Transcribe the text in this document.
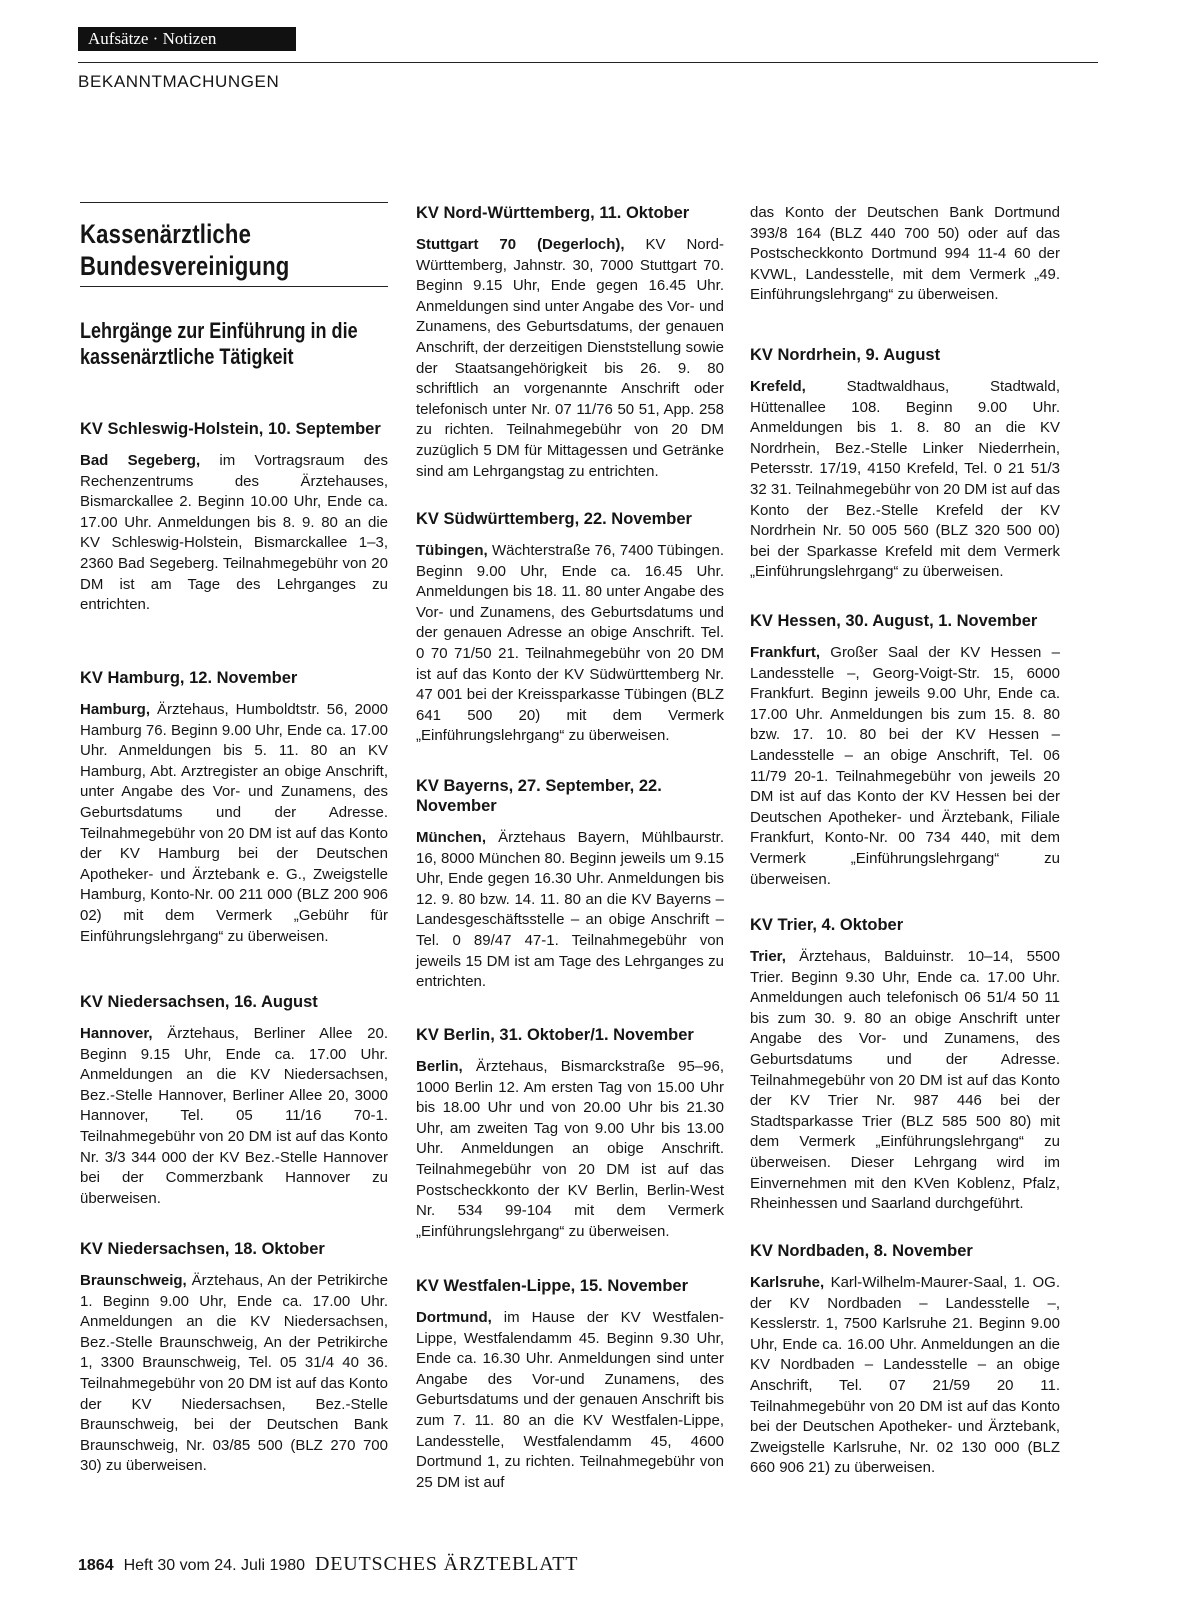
Aufsätze · Notizen
BEKANNTMACHUNGEN
Kassenärztliche Bundesvereinigung
Lehrgänge zur Einführung in die kassenärztliche Tätigkeit
KV Schleswig-Holstein, 10. September

Bad Segeberg, im Vortragsraum des Rechenzentrums des Ärztehauses, Bismarckallee 2. Beginn 10.00 Uhr, Ende ca. 17.00 Uhr. Anmeldungen bis 8. 9. 80 an die KV Schleswig-Holstein, Bismarckallee 1–3, 2360 Bad Segeberg. Teilnahmegebühr von 20 DM ist am Tage des Lehrganges zu entrichten.

KV Hamburg, 12. November

Hamburg, Ärztehaus, Humboldtstr. 56, 2000 Hamburg 76. Beginn 9.00 Uhr, Ende ca. 17.00 Uhr. Anmeldungen bis 5. 11. 80 an KV Hamburg, Abt. Arztregister an obige Anschrift, unter Angabe des Vor- und Zunamens, des Geburtsdatums und der Adresse. Teilnahmegebühr von 20 DM ist auf das Konto der KV Hamburg bei der Deutschen Apotheker- und Ärztebank e. G., Zweigstelle Hamburg, Konto-Nr. 00 211 000 (BLZ 200 906 02) mit dem Vermerk „Gebühr für Einführungslehrgang“ zu überweisen.

KV Niedersachsen, 16. August

Hannover, Ärztehaus, Berliner Allee 20. Beginn 9.15 Uhr, Ende ca. 17.00 Uhr. Anmeldungen an die KV Niedersachsen, Bez.-Stelle Hannover, Berliner Allee 20, 3000 Hannover, Tel. 05 11/16 70-1. Teilnahmegebühr von 20 DM ist auf das Konto Nr. 3/3 344 000 der KV Bez.-Stelle Hannover bei der Commerzbank Hannover zu überweisen.

KV Niedersachsen, 18. Oktober

Braunschweig, Ärztehaus, An der Petrikirche 1. Beginn 9.00 Uhr, Ende ca. 17.00 Uhr. Anmeldungen an die KV Niedersachsen, Bez.-Stelle Braunschweig, An der Petrikirche 1, 3300 Braunschweig, Tel. 05 31/4 40 36. Teilnahmegebühr von 20 DM ist auf das Konto der KV Niedersachsen, Bez.-Stelle Braunschweig, bei der Deutschen Bank Braunschweig, Nr. 03/85 500 (BLZ 270 700 30) zu überweisen.

KV Nord-Württemberg, 11. Oktober

Stuttgart 70 (Degerloch), KV Nord-Württemberg, Jahnstr. 30, 7000 Stuttgart 70. Beginn 9.15 Uhr, Ende gegen 16.45 Uhr. Anmeldungen sind unter Angabe des Vor- und Zunamens, des Geburtsdatums, der genauen Anschrift, der derzeitigen Dienststellung sowie der Staatsangehörigkeit bis 26. 9. 80 schriftlich an vorgenannte Anschrift oder telefonisch unter Nr. 07 11/76 50 51, App. 258 zu richten. Teilnahmegebühr von 20 DM zuzüglich 5 DM für Mittagessen und Getränke sind am Lehrgangstag zu entrichten.

KV Südwürttemberg, 22. November

Tübingen, Wächterstraße 76, 7400 Tübingen. Beginn 9.00 Uhr, Ende ca. 16.45 Uhr. Anmeldungen bis 18. 11. 80 unter Angabe des Vor- und Zunamens, des Geburtsdatums und der genauen Adresse an obige Anschrift. Tel. 0 70 71/50 21. Teilnahmegebühr von 20 DM ist auf das Konto der KV Südwürttemberg Nr. 47 001 bei der Kreissparkasse Tübingen (BLZ 641 500 20) mit dem Vermerk „Einführungslehrgang“ zu überweisen.

KV Bayerns, 27. September, 22. November

München, Ärztehaus Bayern, Mühlbaurstr. 16, 8000 München 80. Beginn jeweils um 9.15 Uhr, Ende gegen 16.30 Uhr. Anmeldungen bis 12. 9. 80 bzw. 14. 11. 80 an die KV Bayerns – Landesgeschäftsstelle – an obige Anschrift – Tel. 0 89/47 47-1. Teilnahmegebühr von jeweils 15 DM ist am Tage des Lehrganges zu entrichten.

KV Berlin, 31. Oktober/1. November

Berlin, Ärztehaus, Bismarckstraße 95–96, 1000 Berlin 12. Am ersten Tag von 15.00 Uhr bis 18.00 Uhr und von 20.00 Uhr bis 21.30 Uhr, am zweiten Tag von 9.00 Uhr bis 13.00 Uhr. Anmeldungen an obige Anschrift. Teilnahmegebühr von 20 DM ist auf das Postscheckkonto der KV Berlin, Berlin-West Nr. 534 99-104 mit dem Vermerk „Einführungslehrgang“ zu überweisen.

KV Westfalen-Lippe, 15. November

Dortmund, im Hause der KV Westfalen-Lippe, Westfalendamm 45. Beginn 9.30 Uhr, Ende ca. 16.30 Uhr. Anmeldungen sind unter Angabe des Vor-und Zunamens, des Geburtsdatums und der genauen Anschrift bis zum 7. 11. 80 an die KV Westfalen-Lippe, Landesstelle, Westfalendamm 45, 4600 Dortmund 1, zu richten. Teilnahmegebühr von 25 DM ist auf

das Konto der Deutschen Bank Dortmund 393/8 164 (BLZ 440 700 50) oder auf das Postscheckkonto Dortmund 994 11-4 60 der KVWL, Landesstelle, mit dem Vermerk „49. Einführungslehrgang“ zu überweisen.

KV Nordrhein, 9. August

Krefeld, Stadtwaldhaus, Stadtwald, Hüttenallee 108. Beginn 9.00 Uhr. Anmeldungen bis 1. 8. 80 an die KV Nordrhein, Bez.-Stelle Linker Niederrhein, Petersstr. 17/19, 4150 Krefeld, Tel. 0 21 51/3 32 31. Teilnahmegebühr von 20 DM ist auf das Konto der Bez.-Stelle Krefeld der KV Nordrhein Nr. 50 005 560 (BLZ 320 500 00) bei der Sparkasse Krefeld mit dem Vermerk „Einführungslehrgang“ zu überweisen.

KV Hessen, 30. August, 1. November

Frankfurt, Großer Saal der KV Hessen – Landesstelle –, Georg-Voigt-Str. 15, 6000 Frankfurt. Beginn jeweils 9.00 Uhr, Ende ca. 17.00 Uhr. Anmeldungen bis zum 15. 8. 80 bzw. 17. 10. 80 bei der KV Hessen – Landesstelle – an obige Anschrift, Tel. 06 11/79 20-1. Teilnahmegebühr von jeweils 20 DM ist auf das Konto der KV Hessen bei der Deutschen Apotheker- und Ärztebank, Filiale Frankfurt, Konto-Nr. 00 734 440, mit dem Vermerk „Einführungslehrgang“ zu überweisen.

KV Trier, 4. Oktober

Trier, Ärztehaus, Balduinstr. 10–14, 5500 Trier. Beginn 9.30 Uhr, Ende ca. 17.00 Uhr. Anmeldungen auch telefonisch 06 51/4 50 11 bis zum 30. 9. 80 an obige Anschrift unter Angabe des Vor- und Zunamens, des Geburtsdatums und der Adresse. Teilnahmegebühr von 20 DM ist auf das Konto der KV Trier Nr. 987 446 bei der Stadtsparkasse Trier (BLZ 585 500 80) mit dem Vermerk „Einführungslehrgang“ zu überweisen. Dieser Lehrgang wird im Einvernehmen mit den KVen Koblenz, Pfalz, Rheinhessen und Saarland durchgeführt.

KV Nordbaden, 8. November

Karlsruhe, Karl-Wilhelm-Maurer-Saal, 1. OG. der KV Nordbaden – Landesstelle –, Kesslerstr. 1, 7500 Karlsruhe 21. Beginn 9.00 Uhr, Ende ca. 16.00 Uhr. Anmeldungen an die KV Nordbaden – Landesstelle – an obige Anschrift, Tel. 07 21/59 20 11. Teilnahmegebühr von 20 DM ist auf das Konto bei der Deutschen Apotheker- und Ärztebank, Zweigstelle Karlsruhe, Nr. 02 130 000 (BLZ 660 906 21) zu überweisen.

1864 Heft 30 vom 24. Juli 1980 DEUTSCHES ÄRZTEBLATT
